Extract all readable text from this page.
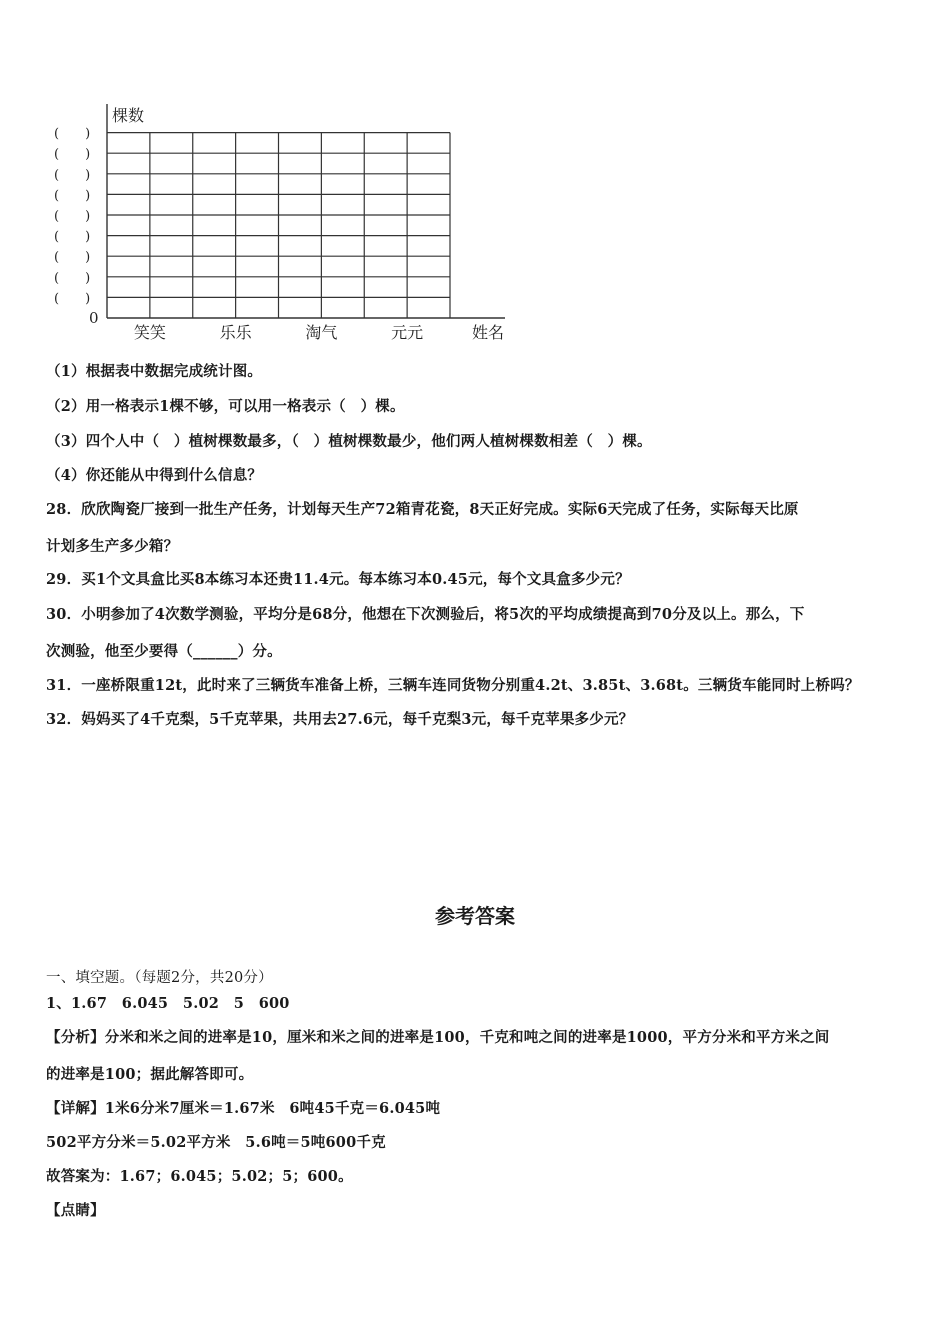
棵数
0
(　　)
(　　)
(　　)
(　　)
(　　)
(　　)
(　　)
(　　)
(　　)
笑笑	乐乐	淘气	元元	姓名
（1）根据表中数据完成统计图。
（2）用一格表示1棵不够，可以用一格表示（　）棵。
（3）四个人中（　）植树棵数最多，（　）植树棵数最少，他们两人植树棵数相差（　）棵。
（4）你还能从中得到什么信息？
28．欣欣陶瓷厂接到一批生产任务，计划每天生产72箱青花瓷，8天正好完成。实际6天完成了任务，实际每天比原
计划多生产多少箱？
29．买1个文具盒比买8本练习本还贵11.4元。每本练习本0.45元，每个文具盒多少元？
30．小明参加了4次数学测验，平均分是68分，他想在下次测验后，将5次的平均成绩提高到70分及以上。那么，下
次测验，他至少要得（______）分。
31．一座桥限重12t，此时来了三辆货车准备上桥，三辆车连同货物分别重4.2t、3.85t、3.68t。三辆货车能同时上桥吗？
32．妈妈买了4千克梨，5千克苹果，共用去27.6元，每千克梨3元，每千克苹果多少元？
参考答案
一、填空题。（每题2分，共20分）
1、1.67　6.045　5.02　5　600
【分析】分米和米之间的进率是10，厘米和米之间的进率是100，千克和吨之间的进率是1000，平方分米和平方米之间
的进率是100；据此解答即可。
【详解】1米6分米7厘米＝1.67米　6吨45千克＝6.045吨
502平方分米＝5.02平方米　5.6吨＝5吨600千克
故答案为：1.67；6.045；5.02；5；600。
【点睛】
